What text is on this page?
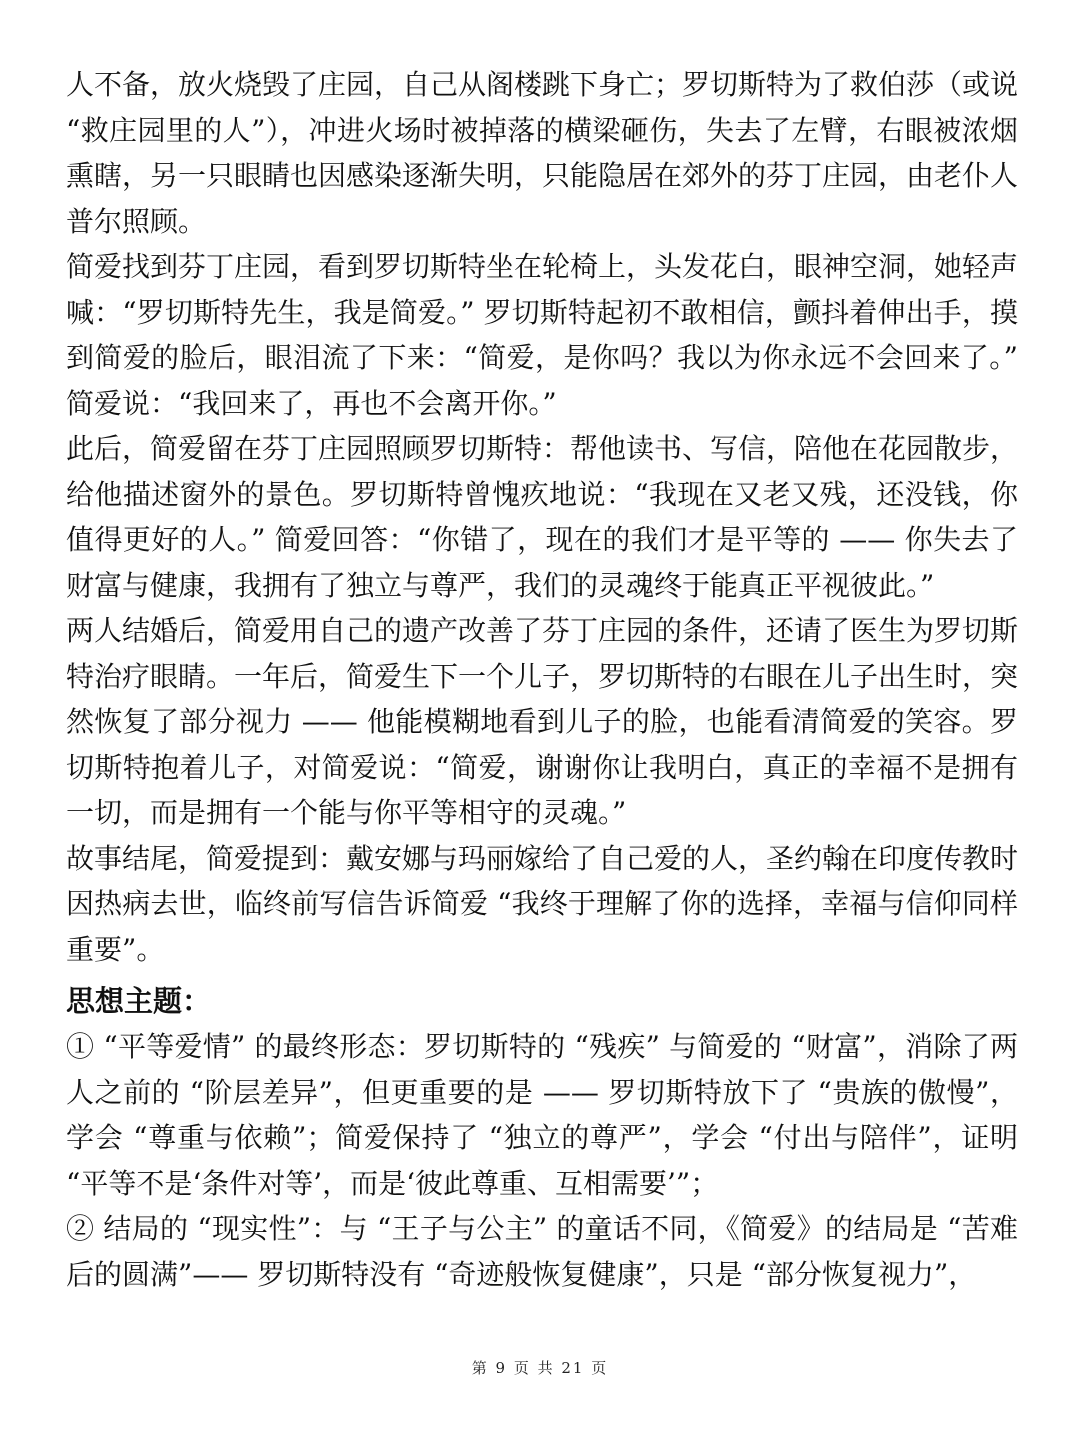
人不备，放火烧毁了庄园，自己从阁楼跳下身亡；罗切斯特为了救伯莎（或说 “救庄园里的人”），冲进火场时被掉落的横梁砸伤，失去了左臂，右眼被浓烟熏瞎，另一只眼睛也因感染逐渐失明，只能隐居在郊外的芬丁庄园，由老仆人普尔照顾。

简爱找到芬丁庄园，看到罗切斯特坐在轮椅上，头发花白，眼神空洞，她轻声喊：“罗切斯特先生，我是简爱。” 罗切斯特起初不敢相信，颤抖着伸出手，摸到简爱的脸后，眼泪流了下来：“简爱，是你吗？我以为你永远不会回来了。” 简爱说：“我回来了，再也不会离开你。”

此后，简爱留在芬丁庄园照顾罗切斯特：帮他读书、写信，陪他在花园散步，给他描述窗外的景色。罗切斯特曾愧疚地说：“我现在又老又残，还没钱，你值得更好的人。” 简爱回答：“你错了，现在的我们才是平等的 —— 你失去了财富与健康，我拥有了独立与尊严，我们的灵魂终于能真正平视彼此。”

两人结婚后，简爱用自己的遗产改善了芬丁庄园的条件，还请了医生为罗切斯特治疗眼睛。一年后，简爱生下一个儿子，罗切斯特的右眼在儿子出生时，突然恢复了部分视力 —— 他能模糊地看到儿子的脸，也能看清简爱的笑容。罗切斯特抱着儿子，对简爱说：“简爱，谢谢你让我明白，真正的幸福不是拥有一切，而是拥有一个能与你平等相守的灵魂。”

故事结尾，简爱提到：戴安娜与玛丽嫁给了自己爱的人，圣约翰在印度传教时因热病去世，临终前写信告诉简爱 “我终于理解了你的选择，幸福与信仰同样重要”。

思想主题：

① “平等爱情” 的最终形态：罗切斯特的 “残疾” 与简爱的 “财富”，消除了两人之前的 “阶层差异”，但更重要的是 —— 罗切斯特放下了 “贵族的傲慢”，学会 “尊重与依赖”；简爱保持了 “独立的尊严”，学会 “付出与陪伴”，证明 “平等不是‘条件对等’，而是‘彼此尊重、互相需要’”；

② 结局的 “现实性”：与 “王子与公主” 的童话不同，《简爱》的结局是 “苦难后的圆满”—— 罗切斯特没有 “奇迹般恢复健康”，只是 “部分恢复视力”，

第 9 页 共 21 页
